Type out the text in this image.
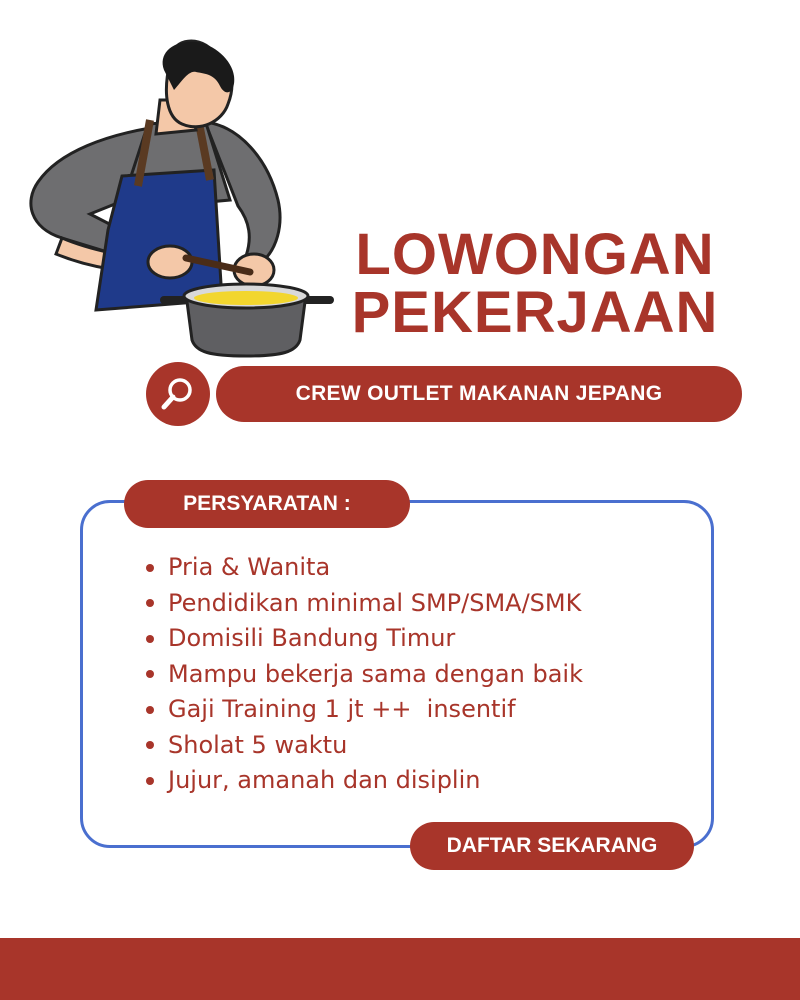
LOWONGAN
PEKERJAAN
CREW OUTLET MAKANAN JEPANG
PERSYARATAN :
Pria & Wanita
Pendidikan minimal SMP/SMA/SMK
Domisili Bandung Timur
Mampu bekerja sama dengan baik
Gaji Training 1 jt ++  insentif
Sholat 5 waktu
Jujur, amanah dan disiplin
DAFTAR SEKARANG
